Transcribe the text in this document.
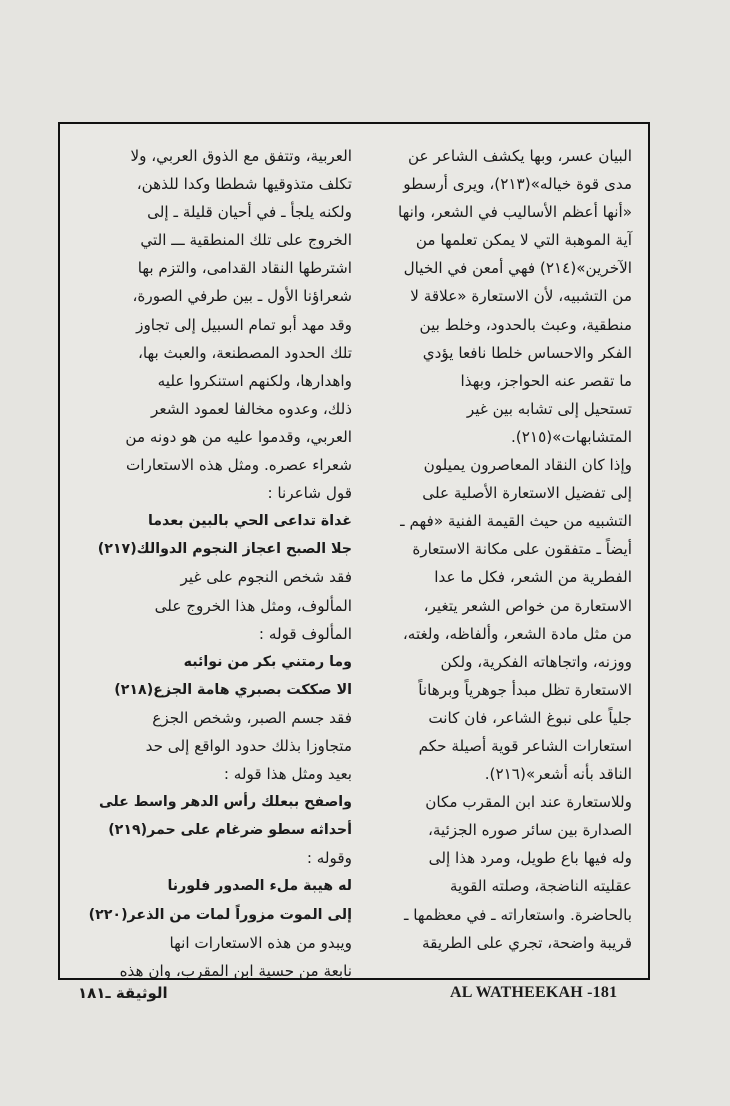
البيان عسر، وبها يكشف الشاعر عن
مدى قوة خياله»(٢١٣)، ويرى أرسطو
«أنها أعظم الأساليب في الشعر، وانها
آية الموهبة التي لا يمكن تعلمها من
الآخرين»(٢١٤) فهي أمعن في الخيال
من التشبيه، لأن الاستعارة «علاقة لا
منطقية، وعبث بالحدود، وخلط بين
الفكر والاحساس خلطا نافعا يؤدي
ما تقصر عنه الحواجز، وبهذا
تستحيل إلى تشابه بين غير
المتشابهات»(٢١٥).
وإذا كان النقاد المعاصرون يميلون
إلى تفضيل الاستعارة الأصلية على
التشبيه من حيث القيمة الفنية «فهم ـ
أيضاً ـ متفقون على مكانة الاستعارة
الفطرية من الشعر، فكل ما عدا
الاستعارة من خواص الشعر يتغير،
من مثل مادة الشعر، وألفاظه، ولغته،
ووزنه، واتجاهاته الفكرية، ولكن
الاستعارة تظل مبدأ جوهرياً وبرهاناً
جلياً على نبوغ الشاعر، فان كانت
استعارات الشاعر قوية أصيلة حكم
الناقد بأنه أشعر»(٢١٦).
وللاستعارة عند ابن المقرب مكان
الصدارة بين سائر صوره الجزئية،
وله فيها باع طويل، ومرد هذا إلى
عقليته الناضجة، وصلته القوية
بالحاضرة. واستعاراته ـ في معظمها ـ
قريبة واضحة، تجري على الطريقة
العربية، وتتفق مع الذوق العربي، ولا
تكلف متذوقيها شططا وكدا للذهن،
ولكنه يلجأ ـ في أحيان قليلة ـ إلى
الخروج على تلك المنطقية ـــ التي
اشترطها النقاد القدامى، والتزم بها
شعراؤنا الأول ـ بين طرفي الصورة،
وقد مهد أبو تمام السبيل إلى تجاوز
تلك الحدود المصطنعة، والعبث بها،
واهدارها، ولكنهم استنكروا عليه
ذلك، وعدوه مخالفا لعمود الشعر
العربي، وقدموا عليه من هو دونه من
شعراء عصره. ومثل هذه الاستعارات
قول شاعرنا :
غداة تداعى الحي بالبين بعدما
جلا الصبح اعجاز النجوم الدوالك(٢١٧)
فقد شخص النجوم على غير
المألوف، ومثل هذا الخروج على
المألوف قوله :
وما رمتني بكر من نوائبه
الا صككت بصبري هامة الجزع(٢١٨)
فقد جسم الصبر، وشخص الجزع
متجاوزا بذلك حدود الواقع إلى حد
بعيد ومثل هذا قوله :
واصفح ببعلك رأس الدهر واسط على
أحداثه سطو ضرغام على حمر(٢١٩)
وقوله :
له هيبة ملء الصدور فلورنا
إلى الموت مزوراً لمات من الذعر(٢٢٠)
ويبدو من هذه الاستعارات انها
نابعة من حسية ابن المقرب، وان هذه
الوثيقة ـ١٨١	AL WATHEEKAH -181
